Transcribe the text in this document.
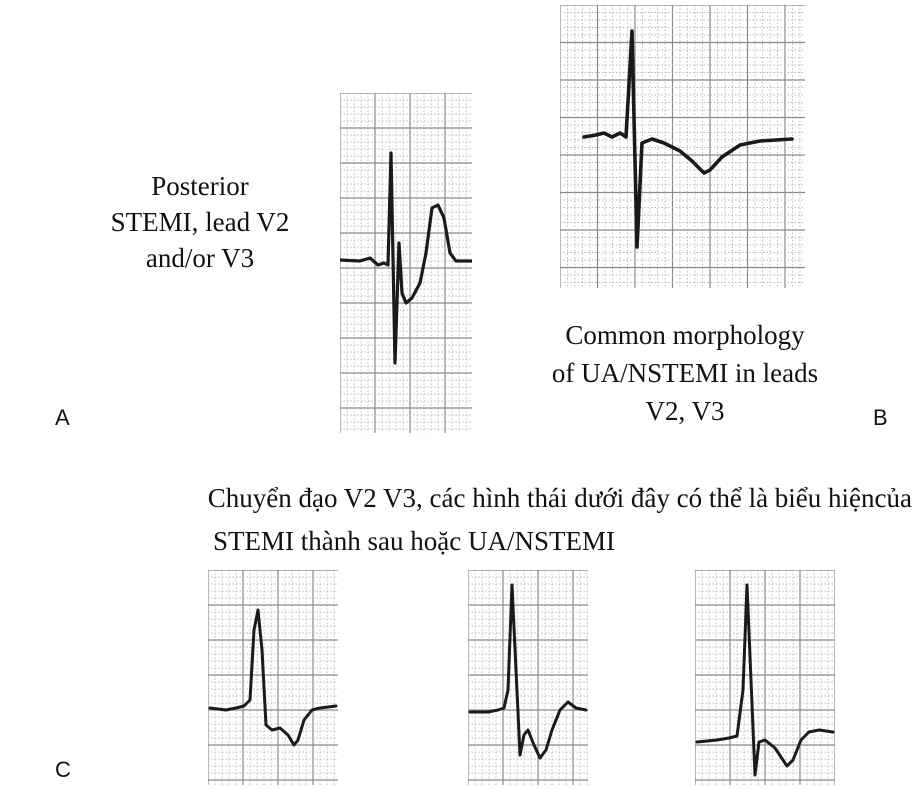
Posterior
STEMI, lead V2
and/or V3
A
Common morphology
of UA/NSTEMI in leads
V2, V3	B
Chuyển đạo V2 V3, các hình thái dưới đây có thể là biểu hiệncủa
STEMI thành sau hoặc UA/NSTEMI
C
